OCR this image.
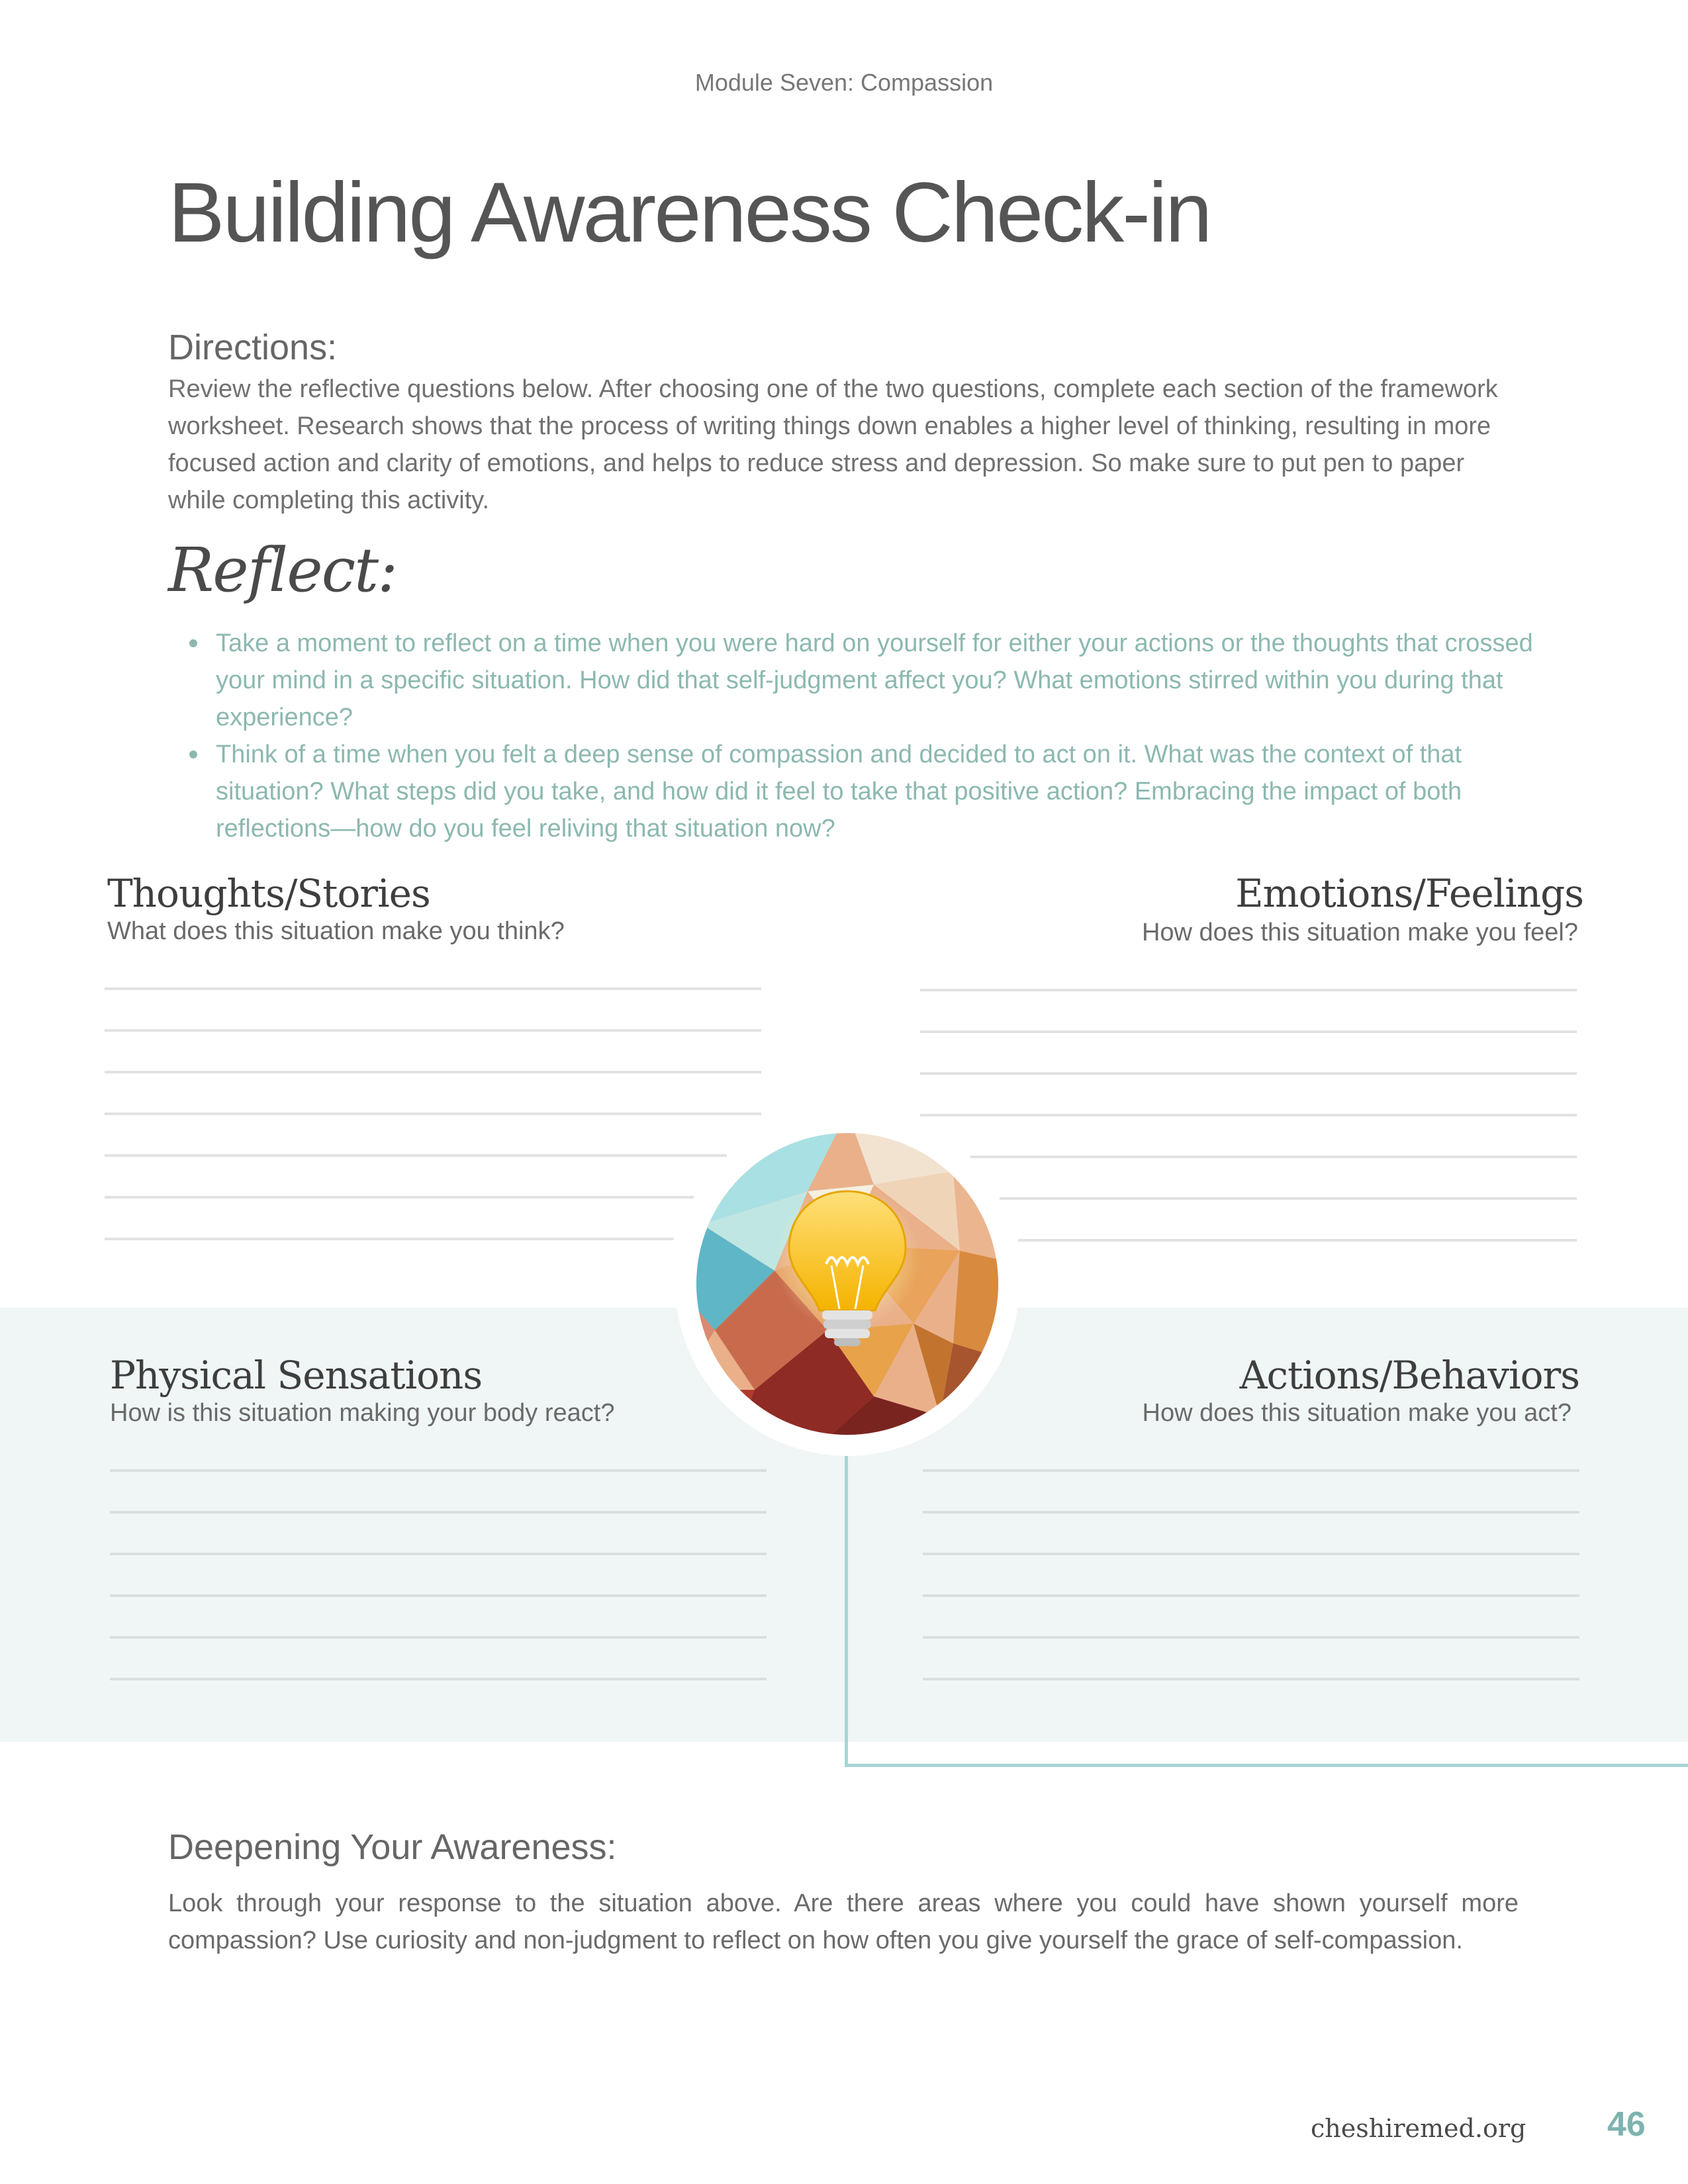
Module Seven: Compassion
Building Awareness Check-in
Directions:
Review the reflective questions below. After choosing one of the two questions, complete each section of the framework worksheet. Research shows that the process of writing things down enables a higher level of thinking, resulting in more focused action and clarity of emotions, and helps to reduce stress and depression. So make sure to put pen to paper while completing this activity.
Reflect:
Take a moment to reflect on a time when you were hard on yourself for either your actions or the thoughts that crossed your mind in a specific situation. How did that self-judgment affect you? What emotions stirred within you during that experience?
Think of a time when you felt a deep sense of compassion and decided to act on it. What was the context of that situation? What steps did you take, and how did it feel to take that positive action? Embracing the impact of both reflections—how do you feel reliving that situation now?
Thoughts/Stories
What does this situation make you think?
Emotions/Feelings
How does this situation make you feel?
Physical Sensations
How is this situation making your body react?
Actions/Behaviors
How does this situation make you act?
Deepening Your Awareness:
Look through your response to the situation above. Are there areas where you could have shown yourself more compassion? Use curiosity and non-judgment to reflect on how often you give yourself the grace of self-compassion.
cheshiremed.org 46
